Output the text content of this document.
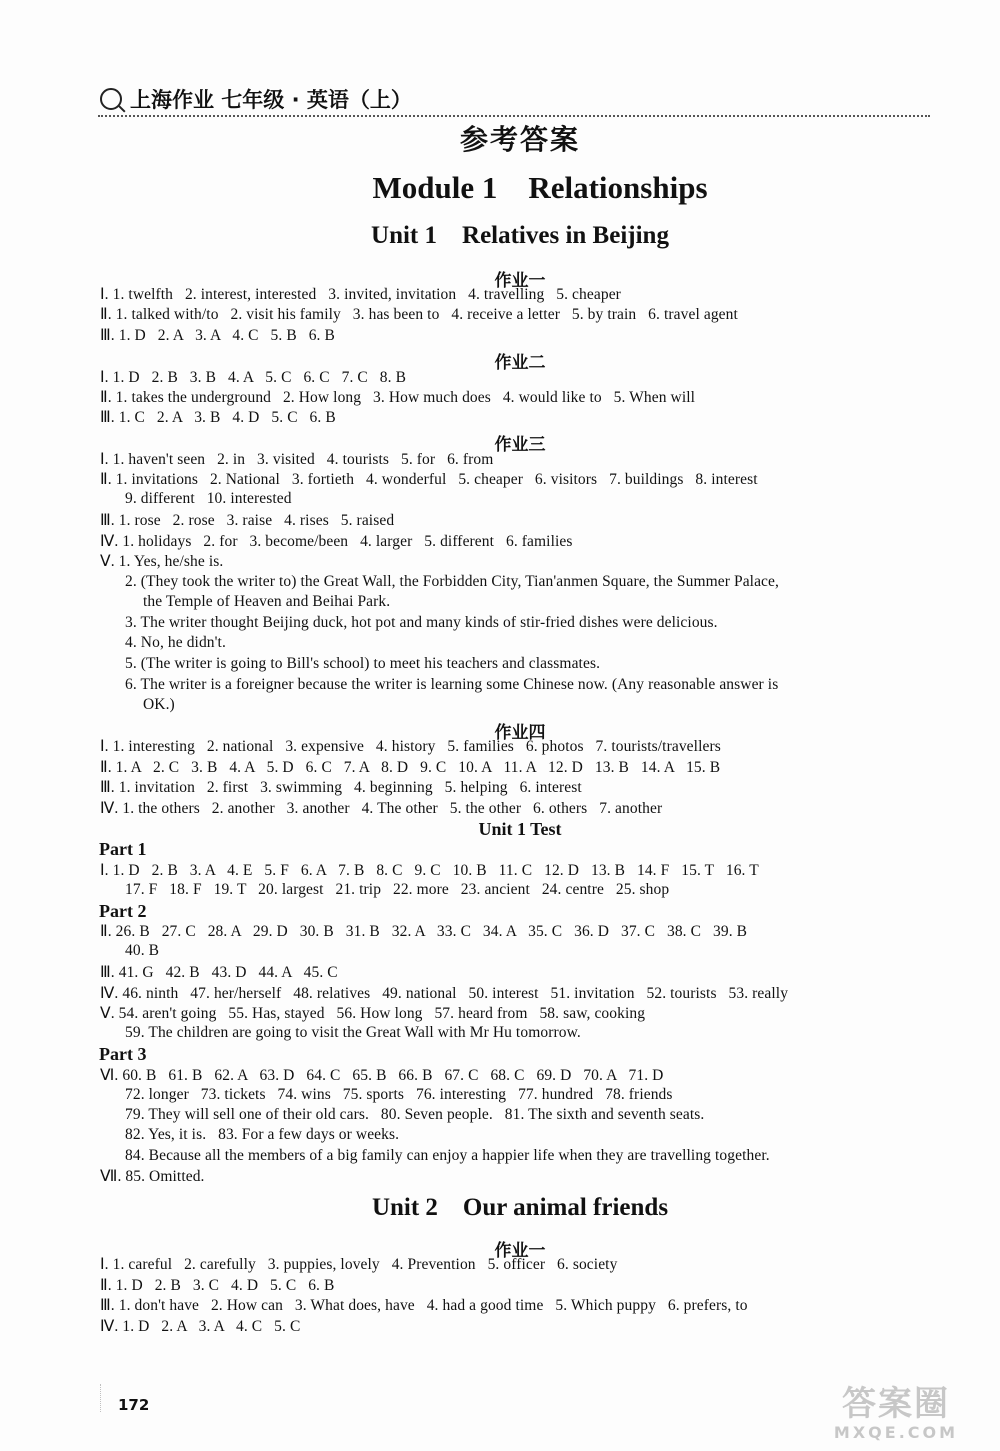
上海作业 七年级 · 英语（上）
参考答案
Module 1    Relationships
Unit 1    Relatives in Beijing
作业一
Ⅰ. 1. twelfth   2. interest, interested   3. invited, invitation   4. travelling   5. cheaper
Ⅱ. 1. talked with/to   2. visit his family   3. has been to   4. receive a letter   5. by train   6. travel agent
Ⅲ. 1. D   2. A   3. A   4. C   5. B   6. B
作业二
Ⅰ. 1. D   2. B   3. B   4. A   5. C   6. C   7. C   8. B
Ⅱ. 1. takes the underground   2. How long   3. How much does   4. would like to   5. When will
Ⅲ. 1. C   2. A   3. B   4. D   5. C   6. B
作业三
Ⅰ. 1. haven't seen   2. in   3. visited   4. tourists   5. for   6. from
Ⅱ. 1. invitations   2. National   3. fortieth   4. wonderful   5. cheaper   6. visitors   7. buildings   8. interest
9. different   10. interested
Ⅲ. 1. rose   2. rose   3. raise   4. rises   5. raised
Ⅳ. 1. holidays   2. for   3. become/been   4. larger   5. different   6. families
Ⅴ. 1. Yes, he/she is.
2. (They took the writer to) the Great Wall, the Forbidden City, Tian'anmen Square, the Summer Palace,
the Temple of Heaven and Beihai Park.
3. The writer thought Beijing duck, hot pot and many kinds of stir-fried dishes were delicious.
4. No, he didn't.
5. (The writer is going to Bill's school) to meet his teachers and classmates.
6. The writer is a foreigner because the writer is learning some Chinese now. (Any reasonable answer is
OK.)
作业四
Ⅰ. 1. interesting   2. national   3. expensive   4. history   5. families   6. photos   7. tourists/travellers
Ⅱ. 1. A   2. C   3. B   4. A   5. D   6. C   7. A   8. D   9. C   10. A   11. A   12. D   13. B   14. A   15. B
Ⅲ. 1. invitation   2. first   3. swimming   4. beginning   5. helping   6. interest
Ⅳ. 1. the others   2. another   3. another   4. The other   5. the other   6. others   7. another
Unit 1 Test
Part 1
Ⅰ. 1. D   2. B   3. A   4. E   5. F   6. A   7. B   8. C   9. C   10. B   11. C   12. D   13. B   14. F   15. T   16. T
17. F   18. F   19. T   20. largest   21. trip   22. more   23. ancient   24. centre   25. shop
Part 2
Ⅱ. 26. B   27. C   28. A   29. D   30. B   31. B   32. A   33. C   34. A   35. C   36. D   37. C   38. C   39. B
40. B
Ⅲ. 41. G   42. B   43. D   44. A   45. C
Ⅳ. 46. ninth   47. her/herself   48. relatives   49. national   50. interest   51. invitation   52. tourists   53. really
Ⅴ. 54. aren't going   55. Has, stayed   56. How long   57. heard from   58. saw, cooking
59. The children are going to visit the Great Wall with Mr Hu tomorrow.
Part 3
Ⅵ. 60. B   61. B   62. A   63. D   64. C   65. B   66. B   67. C   68. C   69. D   70. A   71. D
72. longer   73. tickets   74. wins   75. sports   76. interesting   77. hundred   78. friends
79. They will sell one of their old cars.   80. Seven people.   81. The sixth and seventh seats.
82. Yes, it is.   83. For a few days or weeks.
84. Because all the members of a big family can enjoy a happier life when they are travelling together.
Ⅶ. 85. Omitted.
Unit 2    Our animal friends
作业一
Ⅰ. 1. careful   2. carefully   3. puppies, lovely   4. Prevention   5. officer   6. society
Ⅱ. 1. D   2. B   3. C   4. D   5. C   6. B
Ⅲ. 1. don't have   2. How can   3. What does, have   4. had a good time   5. Which puppy   6. prefers, to
Ⅳ. 1. D   2. A   3. A   4. C   5. C
172	答案圈
MXQE.COM
